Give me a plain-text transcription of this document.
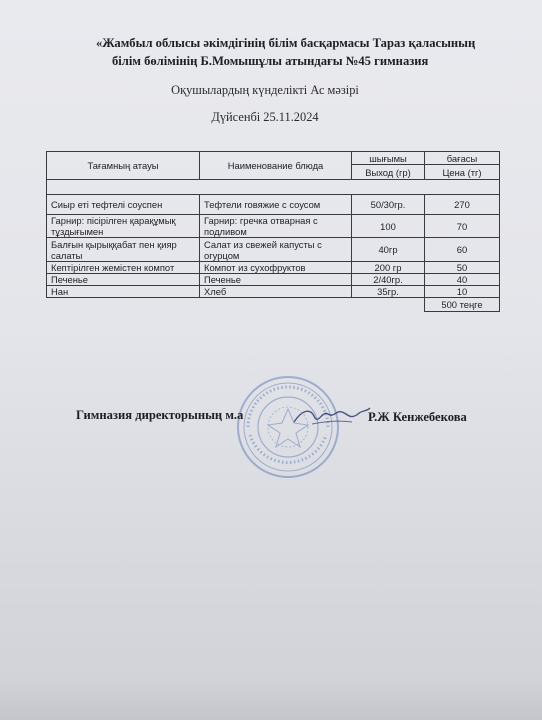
«Жамбыл облысы әкімдігінің білім басқармасы Тараз қаласының
білім бөлімінің Б.Момышұлы атындағы №45 гимназия
Оқушылардың күнделікті Ас мәзірі
Дүйсенбі 25.11.2024
Тағамның атауы	Наименование блюда	шығымы	бағасы
		Выход (гр)	Цена (тг)

Сиыр еті тефтелі соуспен	Тефтели говяжие с соусом	50/30гр.	270
Гарнир: пісірілген қарақұмық тұздығымен	Гарнир: гречка отварная с подливом	100	70
Балғын қырыққабат пен қияр салаты	Салат из свежей капусты с огурцом	40гр	60
Кептірілген жемістен компот	Компот из сухофруктов	200 гр	50
Печенье	Печенье	2/40гр.	40
Нан	Хлеб	35гр.	10
			500 теңге
Гимназия директорының м.а	Р.Ж Кенжебекова
